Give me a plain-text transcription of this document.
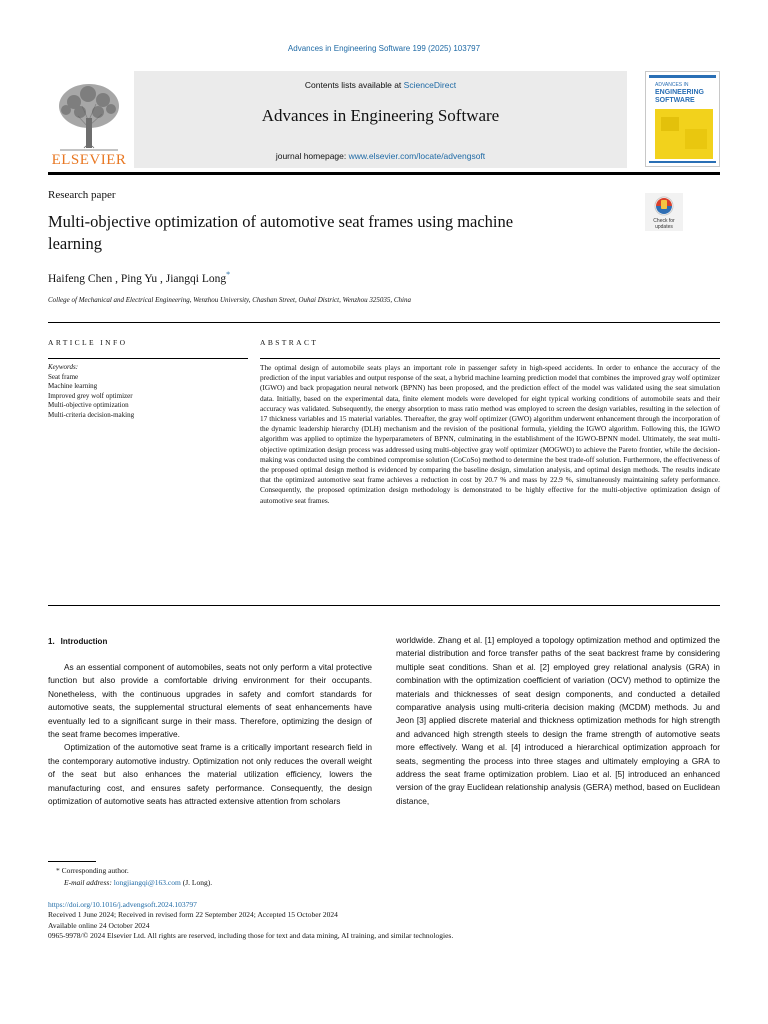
Advances in Engineering Software 199 (2025) 103797
Contents lists available at ScienceDirect
Advances in Engineering Software
journal homepage: www.elsevier.com/locate/advengsoft
ELSEVIER
ADVANCES IN
ENGINEERING
SOFTWARE
Research paper
Multi-objective optimization of automotive seat frames using machine learning
Check for
updates
Haifeng Chen , Ping Yu , Jiangqi Long*
College of Mechanical and Electrical Engineering, Wenzhou University, Chashan Street, Ouhai District, Wenzhou 325035, China
ARTICLE INFO	ABSTRACT
Keywords:
Seat frame
Machine learning
Improved grey wolf optimizer
Multi-objective optimization
Multi-criteria decision-making
The optimal design of automobile seats plays an important role in passenger safety in high-speed accidents. In order to enhance the accuracy of the prediction of the input variables and output response of the seat, a hybrid machine learning prediction model that combines the improved gray wolf optimizer (IGWO) and back propagation neural network (BPNN) has been proposed, and the prediction effect of the model was validated using the seat simulation data. Initially, based on the experimental data, finite element models were developed for eight typical working conditions of automobile seats and their accuracy was validated. Subsequently, the energy absorption to mass ratio method was employed to screen the design variables, resulting in the selection of 17 thickness variables and 15 material variables. Thereafter, the gray wolf optimizer (GWO) algorithm underwent enhancement through the incorporation of the dynamic leadership hierarchy (DLH) mechanism and the revision of the positional formula, yielding the IGWO algorithm. Following this, the IGWO algorithm was applied to optimize the hyperparameters of BPNN, culminating in the establishment of the IGWO-BPNN model. Ultimately, the seat multi-objective optimization design process was addressed using multi-objective gray wolf optimizer (MOGWO) to achieve the Pareto frontier, while the decision-making was conducted using the combined compromise solution (CoCoSo) method to determine the best trade-off solution. Furthermore, the effectiveness of the proposed optimal design method is evidenced by comparing the baseline design, simulation analysis, and optimal design methods. The results indicate that the optimized automotive seat frame achieves a reduction in cost by 20.7 % and mass by 22.9 %, simultaneously maintaining safety performance. Consequently, the proposed optimization design methodology is demonstrated to be highly effective for the multi-objective optimization design of automotive seat frames.
1. Introduction

As an essential component of automobiles, seats not only perform a vital protective function but also provide a comfortable driving environment for their occupants. Nonetheless, with the continuous upgrades in safety and comfort standards for automotive seats, the supplemental structural elements of seat enhancements have eventually led to a significant surge in their mass. Therefore, optimizing the design of the seat frame becomes imperative.

Optimization of the automotive seat frame is a critically important research field in the contemporary automotive industry. Optimization not only reduces the overall weight of the seat but also enhances the material utilization efficiency, lowers the manufacturing cost, and ensures safety performance. Consequently, the design optimization of automotive seats has attracted extensive attention from scholars

worldwide. Zhang et al. [1] employed a topology optimization method and optimized the material distribution and force transfer paths of the seat backrest frame by considering multiple seat conditions. Shan et al. [2] employed grey relational analysis (GRA) in combination with the optimization coefficient of variation (OCV) method to optimize the materials and thicknesses of seat design components, and conducted a detailed comparative analysis using multi-criteria decision making (MCDM) methods. Ju and Jeon [3] applied discrete material and thickness optimization methods for high strength and advanced high strength steels to design the frame strength of automotive seats more effectively. Wang et al. [4] introduced a hierarchical optimization approach for seats, segmenting the process into three stages and ultimately employing a GRA to address the seat frame optimization problem. Liao et al. [5] introduced an enhanced version of the gray Euclidean relationship analysis (GERA) method, based on Euclidean distance,

* Corresponding author.
E-mail address: longjiangqi@163.com (J. Long).
https://doi.org/10.1016/j.advengsoft.2024.103797
Received 1 June 2024; Received in revised form 22 September 2024; Accepted 15 October 2024
Available online 24 October 2024
0965-9978/© 2024 Elsevier Ltd. All rights are reserved, including those for text and data mining, AI training, and similar technologies.
